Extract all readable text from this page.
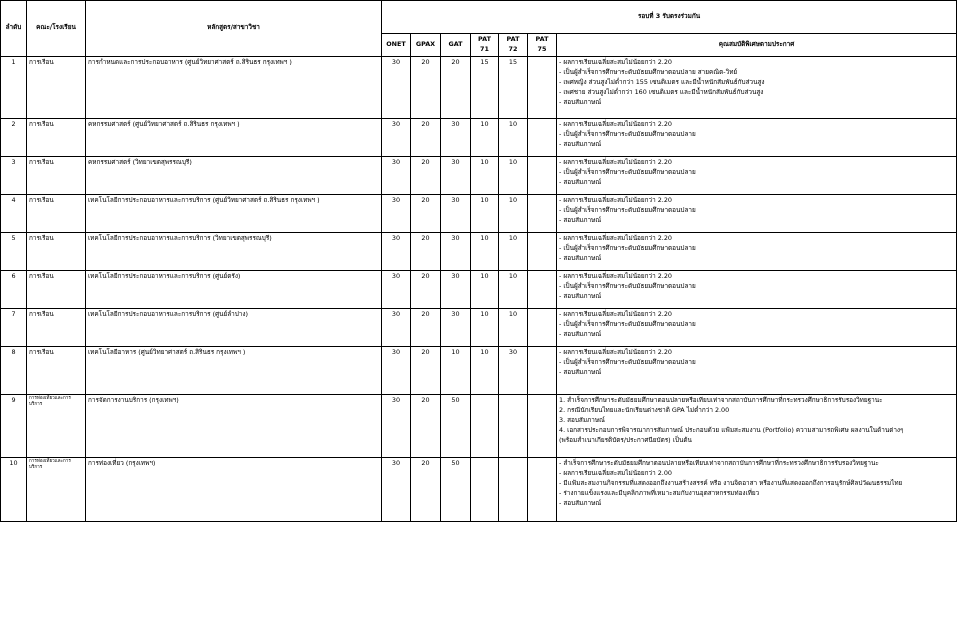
ลำดับ	คณะ/โรงเรียน	หลักสูตร/สาขาวิชา	รอบที่ 3 รับตรงร่วมกัน						
			ONET	GPAX	GAT	PAT 71	PAT 72	PAT 75	คุณสมบัติพิเศษตามประกาศ
1	การเรือน	การกำหนดและการประกอบอาหาร (ศูนย์วิทยาศาสตร์ ถ.สิรินธร กรุงเทพฯ )	30	20	20	15	15		- ผลการเรียนเฉลี่ยสะสมไม่น้อยกว่า 2.20
- เป็นผู้สำเร็จการศึกษาระดับมัธยมศึกษาตอนปลาย สายคณิต-วิทย์
- เพศหญิง ส่วนสูงไม่ต่ำกว่า 155 เซนติเมตร และมีน้ำหนักสัมพันธ์กับส่วนสูง
- เพศชาย ส่วนสูงไม่ต่ำกว่า 160 เซนติเมตร และมีน้ำหนักสัมพันธ์กับส่วนสูง
- สอบสัมภาษณ์

2	การเรือน	คหกรรมศาสตร์ (ศูนย์วิทยาศาสตร์ ถ.สิรินธร กรุงเทพฯ )	30	20	30	10	10		- ผลการเรียนเฉลี่ยสะสมไม่น้อยกว่า 2.20
- เป็นผู้สำเร็จการศึกษาระดับมัธยมศึกษาตอนปลาย
- สอบสัมภาษณ์

3	การเรือน	คหกรรมศาสตร์ (วิทยาเขตสุพรรณบุรี)	30	20	30	10	10		- ผลการเรียนเฉลี่ยสะสมไม่น้อยกว่า 2.20
- เป็นผู้สำเร็จการศึกษาระดับมัธยมศึกษาตอนปลาย
- สอบสัมภาษณ์

4	การเรือน	เทคโนโลยีการประกอบอาหารและการบริการ (ศูนย์วิทยาศาสตร์ ถ.สิรินธร กรุงเทพฯ )	30	20	30	10	10		- ผลการเรียนเฉลี่ยสะสมไม่น้อยกว่า 2.20
- เป็นผู้สำเร็จการศึกษาระดับมัธยมศึกษาตอนปลาย
- สอบสัมภาษณ์

5	การเรือน	เทคโนโลยีการประกอบอาหารและการบริการ (วิทยาเขตสุพรรณบุรี)	30	20	30	10	10		- ผลการเรียนเฉลี่ยสะสมไม่น้อยกว่า 2.20
- เป็นผู้สำเร็จการศึกษาระดับมัธยมศึกษาตอนปลาย
- สอบสัมภาษณ์

6	การเรือน	เทคโนโลยีการประกอบอาหารและการบริการ (ศูนย์ตรัง)	30	20	30	10	10		- ผลการเรียนเฉลี่ยสะสมไม่น้อยกว่า 2.20
- เป็นผู้สำเร็จการศึกษาระดับมัธยมศึกษาตอนปลาย
- สอบสัมภาษณ์

7	การเรือน	เทคโนโลยีการประกอบอาหารและการบริการ (ศูนย์ลำปาง)	30	20	30	10	10		- ผลการเรียนเฉลี่ยสะสมไม่น้อยกว่า 2.20
- เป็นผู้สำเร็จการศึกษาระดับมัธยมศึกษาตอนปลาย
- สอบสัมภาษณ์

8	การเรือน	เทคโนโลยีอาหาร (ศูนย์วิทยาศาสตร์ ถ.สิรินธร กรุงเทพฯ )	30	20	10	10	30		- ผลการเรียนเฉลี่ยสะสมไม่น้อยกว่า 2.20
- เป็นผู้สำเร็จการศึกษาระดับมัธยมศึกษาตอนปลาย
- สอบสัมภาษณ์

9	การท่องเที่ยวและการบริการ	การจัดการงานบริการ (กรุงเทพฯ)	30	20	50				1. สำเร็จการศึกษาระดับมัธยมศึกษาตอนปลายหรือเทียบเท่าจากสถาบันการศึกษาที่กระทรวงศึกษาธิการรับรองวิทยฐานะ
2. กรณีนักเรียนไทยและนักเรียนต่างชาติ GPA ไม่ต่ำกว่า 2.00
3. สอบสัมภาษณ์
4. เอกสารประกอบการพิจารณาการสัมภาษณ์ ประกอบด้วย แฟ้มสะสมงาน (Portfolio) ความสามารถพิเศษ ผลงานในด้านต่างๆ
(พร้อมสำเนาเกียรติบัตร/ประกาศนียบัตร) เป็นต้น

10	การท่องเที่ยวและการบริการ	การท่องเที่ยว (กรุงเทพฯ)	30	20	50				- สำเร็จการศึกษาระดับมัธยมศึกษาตอนปลายหรือเทียบเท่าจากสถาบันการศึกษาที่กระทรวงศึกษาธิการรับรองวิทยฐานะ
- ผลการเรียนเฉลี่ยสะสมไม่น้อยกว่า 2.00
- มีแฟ้มสะสมงานกิจกรรมที่แสดงออกถึงงานสร้างสรรค์ หรือ งานจิตอาสา หรืองานที่แสดงออกถึงการอนุรักษ์ศิลปวัฒนธรรมไทย
- ร่างกายแข็งแรงและมีบุคลิกภาพที่เหมาะสมกับงานอุตสาหกรรมท่องเที่ยว
- สอบสัมภาษณ์
